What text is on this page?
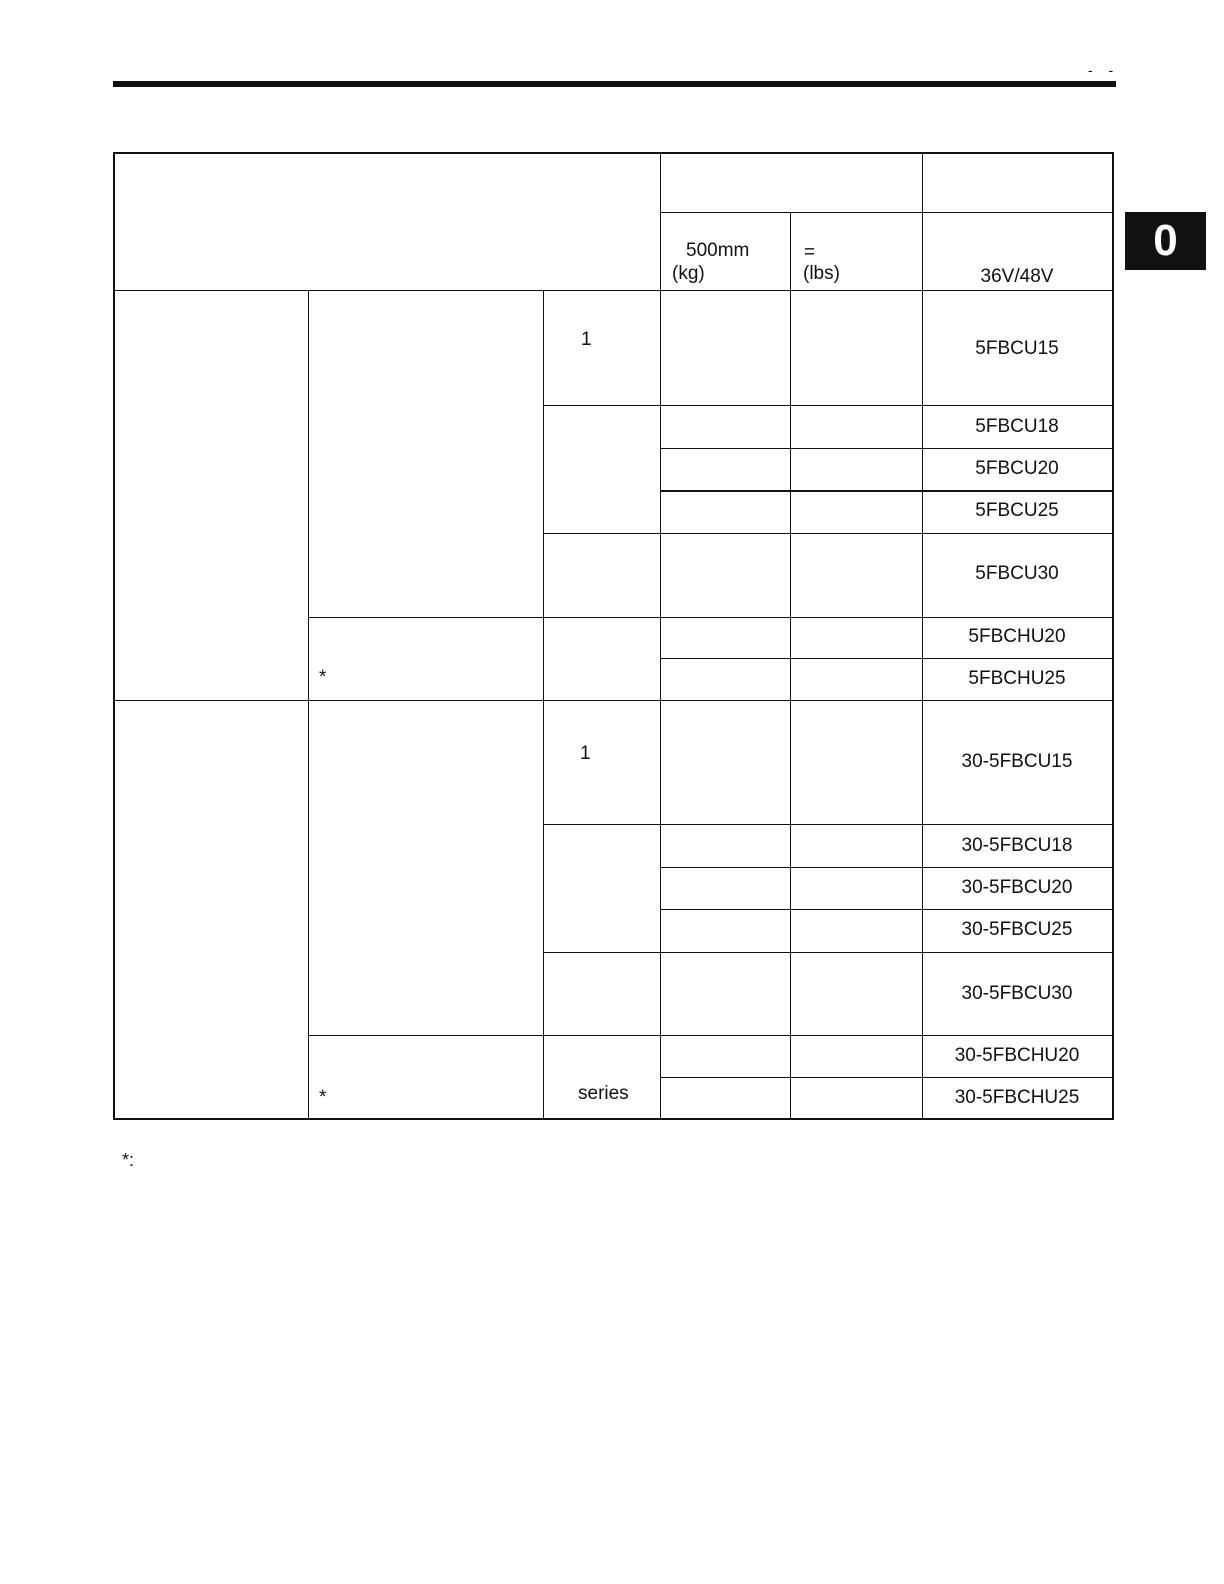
- -
0
500mm
(kg)
=
(lbs)	36V/48V
1
*
5FBCU15
5FBCU18
5FBCU20
5FBCU25
5FBCU30
5FBCHU20
5FBCHU25
1
*	series
30-5FBCU15
30-5FBCU18
30-5FBCU20
30-5FBCU25
30-5FBCU30
30-5FBCHU20
30-5FBCHU25
*:
